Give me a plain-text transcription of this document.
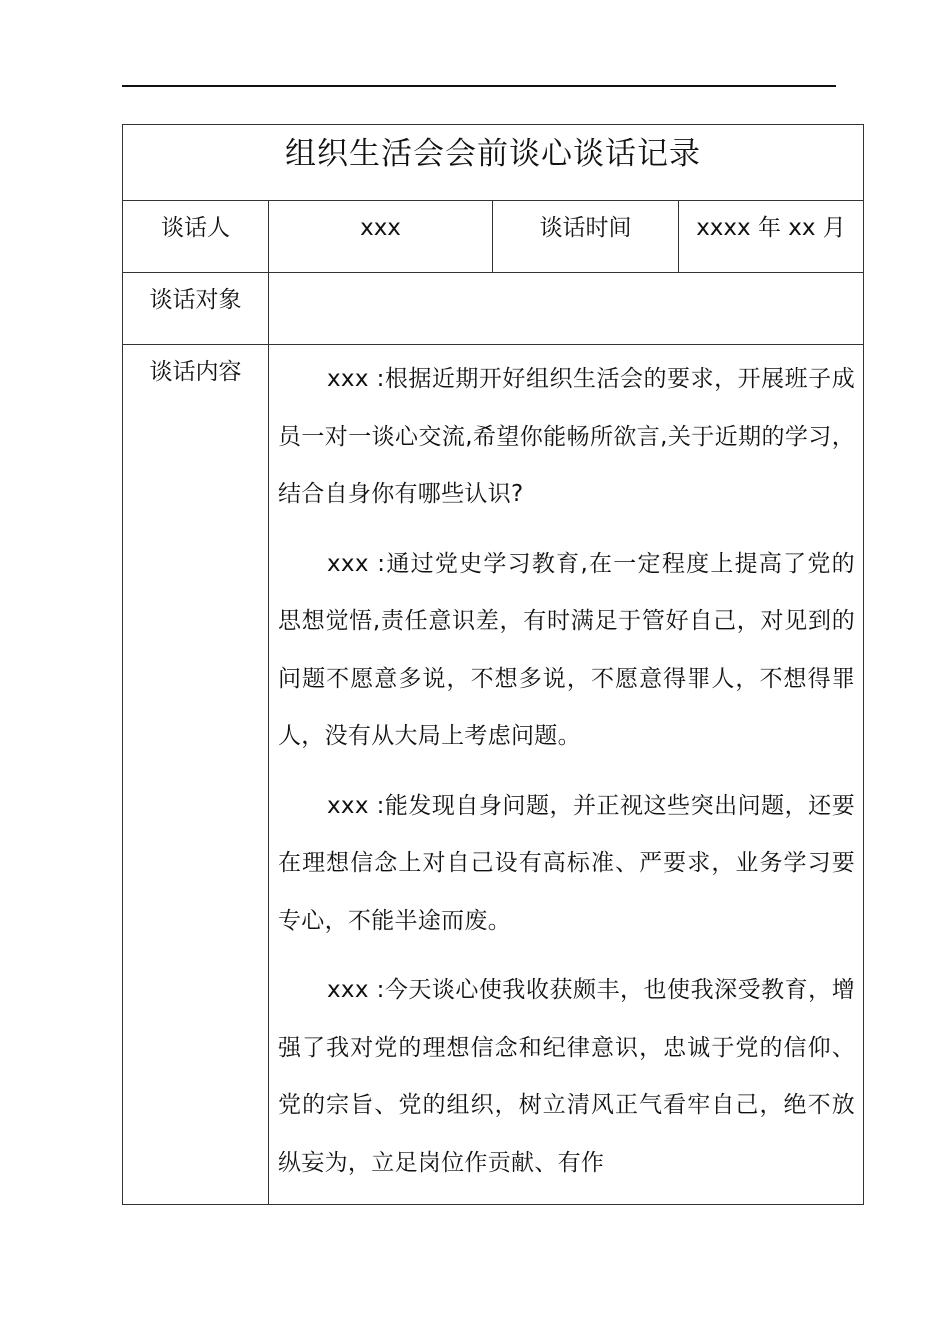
组织生活会会前谈心谈话记录			
谈话人	xxx	谈话时间	xxxx 年 xx 月
谈话对象			
谈话内容	xxx :根据近期开好组织生活会的要求，开展班子成员一对一谈心交流,希望你能畅所欲言,关于近期的学习，结合自身你有哪些认识?

xxx :通过党史学习教育,在一定程度上提高了党的思想觉悟,责任意识差，有时满足于管好自己，对见到的问题不愿意多说，不想多说，不愿意得罪人，不想得罪人，没有从大局上考虑问题。

xxx :能发现自身问题，并正视这些突出问题，还要在理想信念上对自己设有高标准、严要求，业务学习要专心，不能半途而废。

xxx :今天谈心使我收获颇丰，也使我深受教育，增强了我对党的理想信念和纪律意识，忠诚于党的信仰、党的宗旨、党的组织，树立清风正气看牢自己，绝不放纵妄为，立足岗位作贡献、有作		
